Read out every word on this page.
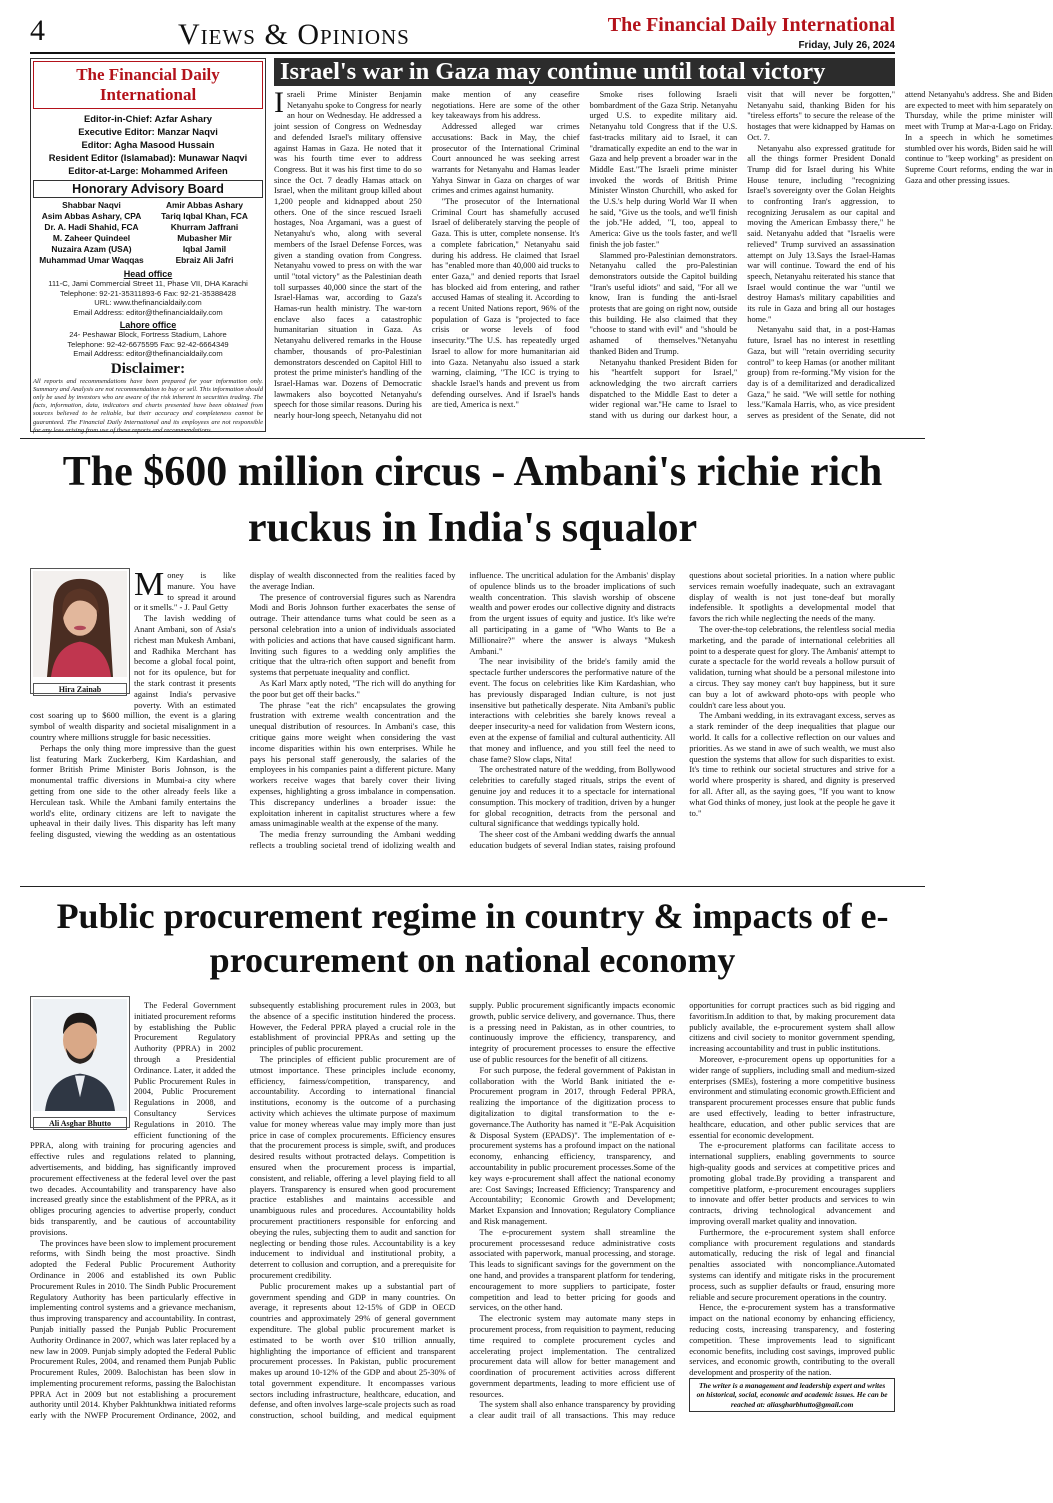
4	Views & Opinions	The Financial Daily International
Friday, July 26, 2024
The Financial Daily International
Editor-in-Chief: Azfar Ashary
Executive Editor: Manzar Naqvi
Editor: Agha Masood Hussain
Resident Editor (Islamabad): Munawar Naqvi
Editor-at-Large: Mohammed Arifeen
Honorary Advisory Board
Shabbar Naqvi
Asim Abbas Ashary, CPA
Dr. A. Hadi Shahid, FCA
M. Zaheer Quindeel
Nuzaira Azam (USA)
Muhammad Umar Waqqas
Amir Abbas Ashary
Tariq Iqbal Khan, FCA
Khurram Jaffrani
Mubasher Mir
Iqbal Jamil
Ebraiz Ali Jafri
Head office
111-C, Jami Commercial Street 11, Phase VII, DHA Karachi
Telephone: 92-21-35311893-6 Fax: 92-21-35388428
URL: www.thefinancialdaily.com
Email Address: editor@thefinancialdaily.com
Lahore office
24- Peshawar Block, Fortress Stadium, Lahore
Telephone: 92-42-6675595 Fax: 92-42-6664349
Email Address: editor@thefinancialdaily.com
Disclaimer:
All reports and recommendations have been prepared for your information only. Summary and Analysis are not recommendation to buy or sell. This information should only be used by investors who are aware of the risk inherent in securities trading. The facts, information, data, indicators and charts presented have been obtained from sources believed to be reliable, but their accuracy and completeness cannot be guaranteed. The Financial Daily International and its employees are not responsible for any loss arising from use of these reports and recommendations.
Israel's war in Gaza may continue until total victory

Israeli Prime Minister Benjamin Netanyahu spoke to Congress for nearly an hour on Wednesday. He addressed a joint session of Congress on Wednesday and defended Israel's military offensive against Hamas in Gaza. He noted that it was his fourth time ever to address Congress. But it was his first time to do so since the Oct. 7 deadly Hamas attack on Israel, when the militant group killed about 1,200 people and kidnapped about 250 others. One of the since rescued Israeli hostages, Noa Argamani, was a guest of Netanyahu's who, along with several members of the Israel Defense Forces, was given a standing ovation from Congress. Netanyahu vowed to press on with the war until "total victory" as the Palestinian death toll surpasses 40,000 since the start of the Israel-Hamas war, according to Gaza's Hamas-run health ministry. The war-torn enclave also faces a catastrophic humanitarian situation in Gaza. As Netanyahu delivered remarks in the House chamber, thousands of pro-Palestinian demonstrators descended on Capitol Hill to protest the prime minister's handling of the Israel-Hamas war. Dozens of Democratic lawmakers also boycotted Netanyahu's speech for those similar reasons. During his nearly hour-long speech, Netanyahu did not make mention of any ceasefire negotiations. Here are some of the other key takeaways from his address.

Addressed alleged war crimes accusations: Back in May, the chief prosecutor of the International Criminal Court announced he was seeking arrest warrants for Netanyahu and Hamas leader Yahya Sinwar in Gaza on charges of war crimes and crimes against humanity.

"The prosecutor of the International Criminal Court has shamefully accused Israel of deliberately starving the people of Gaza. This is utter, complete nonsense. It's a complete fabrication," Netanyahu said during his address. He claimed that Israel has "enabled more than 40,000 aid trucks to enter Gaza," and denied reports that Israel has blocked aid from entering, and rather accused Hamas of stealing it. According to a recent United Nations report, 96% of the population of Gaza is "projected to face crisis or worse levels of food insecurity."The U.S. has repeatedly urged Israel to allow for more humanitarian aid into Gaza. Netanyahu also issued a stark warning, claiming, "The ICC is trying to shackle Israel's hands and prevent us from defending ourselves. And if Israel's hands are tied, America is next."

Smoke rises following Israeli bombardment of the Gaza Strip. Netanyahu urged U.S. to expedite military aid. Netanyahu told Congress that if the U.S. fast-tracks military aid to Israel, it can "dramatically expedite an end to the war in Gaza and help prevent a broader war in the Middle East."The Israeli prime minister invoked the words of British Prime Minister Winston Churchill, who asked for the U.S.'s help during World War II when he said, "Give us the tools, and we'll finish the job."He added, "I, too, appeal to America: Give us the tools faster, and we'll finish the job faster."

Slammed pro-Palestinian demonstrators. Netanyahu called the pro-Palestinian demonstrators outside the Capitol building "Iran's useful idiots" and said, "For all we know, Iran is funding the anti-Israel protests that are going on right now, outside this building. He also claimed that they "choose to stand with evil" and "should be ashamed of themselves."Netanyahu thanked Biden and Trump.

Netanyahu thanked President Biden for his "heartfelt support for Israel," acknowledging the two aircraft carriers dispatched to the Middle East to deter a wider regional war."He came to Israel to stand with us during our darkest hour, a visit that will never be forgotten," Netanyahu said, thanking Biden for his "tireless efforts" to secure the release of the hostages that were kidnapped by Hamas on Oct. 7.

Netanyahu also expressed gratitude for all the things former President Donald Trump did for Israel during his White House tenure, including "recognizing Israel's sovereignty over the Golan Heights to confronting Iran's aggression, to recognizing Jerusalem as our capital and moving the American Embassy there," he said. Netanyahu added that "Israelis were relieved" Trump survived an assassination attempt on July 13.Says the Israel-Hamas war will continue. Toward the end of his speech, Netanyahu reiterated his stance that Israel would continue the war "until we destroy Hamas's military capabilities and its rule in Gaza and bring all our hostages home."

Netanyahu said that, in a post-Hamas future, Israel has no interest in resettling Gaza, but will "retain overriding security control" to keep Hamas (or another militant group) from re-forming."My vision for the day is of a demilitarized and deradicalized Gaza," he said. "We will settle for nothing less."Kamala Harris, who, as vice president serves as president of the Senate, did not attend Netanyahu's address. She and Biden are expected to meet with him separately on Thursday, while the prime minister will meet with Trump at Mar-a-Lago on Friday. In a speech in which he sometimes stumbled over his words, Biden said he will continue to "keep working" as president on Supreme Court reforms, ending the war in Gaza and other pressing issues.

The $600 million circus - Ambani's richie rich ruckus in India's squalor
Hira Zainab

Money is like manure. You have to spread it around or it smells." - J. Paul Getty

The lavish wedding of Anant Ambani, son of Asia's richest man Mukesh Ambani, and Radhika Merchant has become a global focal point, not for its opulence, but for the stark contrast it presents against India's pervasive poverty. With an estimated cost soaring up to $600 million, the event is a glaring symbol of wealth disparity and societal misalignment in a country where millions struggle for basic necessities.

Perhaps the only thing more impressive than the guest list featuring Mark Zuckerberg, Kim Kardashian, and former British Prime Minister Boris Johnson, is the monumental traffic diversions in Mumbai-a city where getting from one side to the other already feels like a Herculean task. While the Ambani family entertains the world's elite, ordinary citizens are left to navigate the upheaval in their daily lives. This disparity has left many feeling disgusted, viewing the wedding as an ostentatious display of wealth disconnected from the realities faced by the average Indian.

The presence of controversial figures such as Narendra Modi and Boris Johnson further exacerbates the sense of outrage. Their attendance turns what could be seen as a personal celebration into a union of individuals associated with policies and actions that have caused significant harm. Inviting such figures to a wedding only amplifies the critique that the ultra-rich often support and benefit from systems that perpetuate inequality and conflict.

As Karl Marx aptly noted, "The rich will do anything for the poor but get off their backs."

The phrase "eat the rich" encapsulates the growing frustration with extreme wealth concentration and the unequal distribution of resources. In Ambani's case, this critique gains more weight when considering the vast income disparities within his own enterprises. While he pays his personal staff generously, the salaries of the employees in his companies paint a different picture. Many workers receive wages that barely cover their living expenses, highlighting a gross imbalance in compensation. This discrepancy underlines a broader issue: the exploitation inherent in capitalist structures where a few amass unimaginable wealth at the expense of the many.

The media frenzy surrounding the Ambani wedding reflects a troubling societal trend of idolizing wealth and influence. The uncritical adulation for the Ambanis' display of opulence blinds us to the broader implications of such wealth concentration. This slavish worship of obscene wealth and power erodes our collective dignity and distracts from the urgent issues of equity and justice. It's like we're all participating in a game of "Who Wants to Be a Millionaire?" where the answer is always "Mukesh Ambani."

The near invisibility of the bride's family amid the spectacle further underscores the performative nature of the event. The focus on celebrities like Kim Kardashian, who has previously disparaged Indian culture, is not just insensitive but pathetically desperate. Nita Ambani's public interactions with celebrities she barely knows reveal a deeper insecurity-a need for validation from Western icons, even at the expense of familial and cultural authenticity. All that money and influence, and you still feel the need to chase fame? Slow claps, Nita!

The orchestrated nature of the wedding, from Bollywood celebrities to carefully staged rituals, strips the event of genuine joy and reduces it to a spectacle for international consumption. This mockery of tradition, driven by a hunger for global recognition, detracts from the personal and cultural significance that weddings typically hold.

The sheer cost of the Ambani wedding dwarfs the annual education budgets of several Indian states, raising profound questions about societal priorities. In a nation where public services remain woefully inadequate, such an extravagant display of wealth is not just tone-deaf but morally indefensible. It spotlights a developmental model that favors the rich while neglecting the needs of the many.

The over-the-top celebrations, the relentless social media marketing, and the parade of international celebrities all point to a desperate quest for glory. The Ambanis' attempt to curate a spectacle for the world reveals a hollow pursuit of validation, turning what should be a personal milestone into a circus. They say money can't buy happiness, but it sure can buy a lot of awkward photo-ops with people who couldn't care less about you.

The Ambani wedding, in its extravagant excess, serves as a stark reminder of the deep inequalities that plague our world. It calls for a collective reflection on our values and priorities. As we stand in awe of such wealth, we must also question the systems that allow for such disparities to exist. It's time to rethink our societal structures and strive for a world where prosperity is shared, and dignity is preserved for all. After all, as the saying goes, "If you want to know what God thinks of money, just look at the people he gave it to."

Public procurement regime in country & impacts of e-procurement on national economy
Ali Asghar Bhutto

The Federal Government initiated procurement reforms by establishing the Public Procurement Regulatory Authority (PPRA) in 2002 through a Presidential Ordinance. Later, it added the Public Procurement Rules in 2004, Public Procurement Regulations in 2008, and Consultancy Services Regulations in 2010. The efficient functioning of the PPRA, along with training for procuring agencies and effective rules and regulations related to planning, advertisements, and bidding, has significantly improved procurement effectiveness at the federal level over the past two decades. Accountability and transparency have also increased greatly since the establishment of the PPRA, as it obliges procuring agencies to advertise properly, conduct bids transparently, and be cautious of accountability provisions.

The provinces have been slow to implement procurement reforms, with Sindh being the most proactive. Sindh adopted the Federal Public Procurement Authority Ordinance in 2006 and established its own Public Procurement Rules in 2010. The Sindh Public Procurement Regulatory Authority has been particularly effective in implementing control systems and a grievance mechanism, thus improving transparency and accountability. In contrast, Punjab initially passed the Punjab Public Procurement Authority Ordinance in 2007, which was later replaced by a new law in 2009. Punjab simply adopted the Federal Public Procurement Rules, 2004, and renamed them Punjab Public Procurement Rules, 2009. Balochistan has been slow in implementing procurement reforms, passing the Balochistan PPRA Act in 2009 but not establishing a procurement authority until 2014. Khyber Pakhtunkhwa initiated reforms early with the NWFP Procurement Ordinance, 2002, and subsequently establishing procurement rules in 2003, but the absence of a specific institution hindered the process. However, the Federal PPRA played a crucial role in the establishment of provincial PPRAs and setting up the principles of public procurement.

The principles of efficient public procurement are of utmost importance. These principles include economy, efficiency, fairness/competition, transparency, and accountability. According to international financial institutions, economy is the outcome of a purchasing activity which achieves the ultimate purpose of maximum value for money whereas value may imply more than just price in case of complex procurements. Efficiency ensures that the procurement process is simple, swift, and produces desired results without protracted delays. Competition is ensured when the procurement process is impartial, consistent, and reliable, offering a level playing field to all players. Transparency is ensured when good procurement practice establishes and maintains accessible and unambiguous rules and procedures. Accountability holds procurement practitioners responsible for enforcing and obeying the rules, subjecting them to audit and sanction for neglecting or bending those rules. Accountability is a key inducement to individual and institutional probity, a deterrent to collusion and corruption, and a prerequisite for procurement credibility.

Public procurement makes up a substantial part of government spending and GDP in many countries. On average, it represents about 12-15% of GDP in OECD countries and approximately 29% of general government expenditure. The global public procurement market is estimated to be worth over $10 trillion annually, highlighting the importance of efficient and transparent procurement processes. In Pakistan, public procurement makes up around 10-12% of the GDP and about 25-30% of total government expenditure. It encompasses various sectors including infrastructure, healthcare, education, and defense, and often involves large-scale projects such as road construction, school building, and medical equipment supply. Public procurement significantly impacts economic growth, public service delivery, and governance. Thus, there is a pressing need in Pakistan, as in other countries, to continuously improve the efficiency, transparency, and integrity of procurement processes to ensure the effective use of public resources for the benefit of all citizens.

For such purpose, the federal government of Pakistan in collaboration with the World Bank initiated the e-Procurement program in 2017, through Federal PPRA, realizing the importance of the digitization process to digitalization to digital transformation to the e-governance.The Authority has named it "E-Pak Acquisition & Disposal System (EPADS)". The implementation of e-procurement systems has a profound impact on the national economy, enhancing efficiency, transparency, and accountability in public procurement processes.Some of the key ways e-procurement shall affect the national economy are: Cost Savings; Increased Efficiency; Transparency and Accountability; Economic Growth and Development; Market Expansion and Innovation; Regulatory Compliance and Risk management.

The e-procurement system shall streamline the procurement processesand reduce administrative costs associated with paperwork, manual processing, and storage. This leads to significant savings for the government on the one hand, and provides a transparent platform for tendering, encouragement to more suppliers to participate, foster competition and lead to better pricing for goods and services, on the other hand.

The electronic system may automate many steps in procurement process, from requisition to payment, reducing time required to complete procurement cycles and accelerating project implementation. The centralized procurement data will allow for better management and coordination of procurement activities across different government departments, leading to more efficient use of resources.

The system shall also enhance transparency by providing a clear audit trail of all transactions. This may reduce opportunities for corrupt practices such as bid rigging and favoritism.In addition to that, by making procurement data publicly available, the e-procurement system shall allow citizens and civil society to monitor government spending, increasing accountability and trust in public institutions.

Moreover, e-procurement opens up opportunities for a wider range of suppliers, including small and medium-sized enterprises (SMEs), fostering a more competitive business environment and stimulating economic growth.Efficient and transparent procurement processes ensure that public funds are used effectively, leading to better infrastructure, healthcare, education, and other public services that are essential for economic development.

The e-procurement platforms can facilitate access to international suppliers, enabling governments to source high-quality goods and services at competitive prices and promoting global trade.By providing a transparent and competitive platform, e-procurement encourages suppliers to innovate and offer better products and services to win contracts, driving technological advancement and improving overall market quality and innovation.

Furthermore, the e-procurement system shall enforce compliance with procurement regulations and standards automatically, reducing the risk of legal and financial penalties associated with noncompliance.Automated systems can identify and mitigate risks in the procurement process, such as supplier defaults or fraud, ensuring more reliable and secure procurement operations in the country.

Hence, the e-procurement system has a transformative impact on the national economy by enhancing efficiency, reducing costs, increasing transparency, and fostering competition. These improvements lead to significant economic benefits, including cost savings, improved public services, and economic growth, contributing to the overall development and prosperity of the nation.

The writer is a management and leadership expert and writes on historical, social, economic and academic issues. He can be reached at: aliasgharbhutto@gmail.com
